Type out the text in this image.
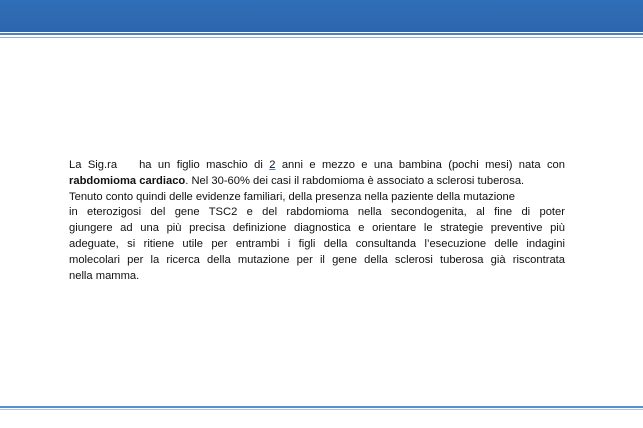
La Sig.ra ha un figlio maschio di 2 anni e mezzo e una bambina (pochi mesi) nata con

rabdomioma cardiaco. Nel 30-60% dei casi il rabdomioma è associato a sclerosi tuberosa.

Tenuto conto quindi delle evidenze familiari, della presenza nella paziente della mutazione

in eterozigosi del gene TSC2 e del rabdomioma nella secondogenita, al fine di poter

giungere ad una più precisa definizione diagnostica e orientare le strategie preventive più

adeguate, si ritiene utile per entrambi i figli della consultanda l’esecuzione delle indagini

molecolari per la ricerca della mutazione per il gene della sclerosi tuberosa già riscontrata

nella mamma.
